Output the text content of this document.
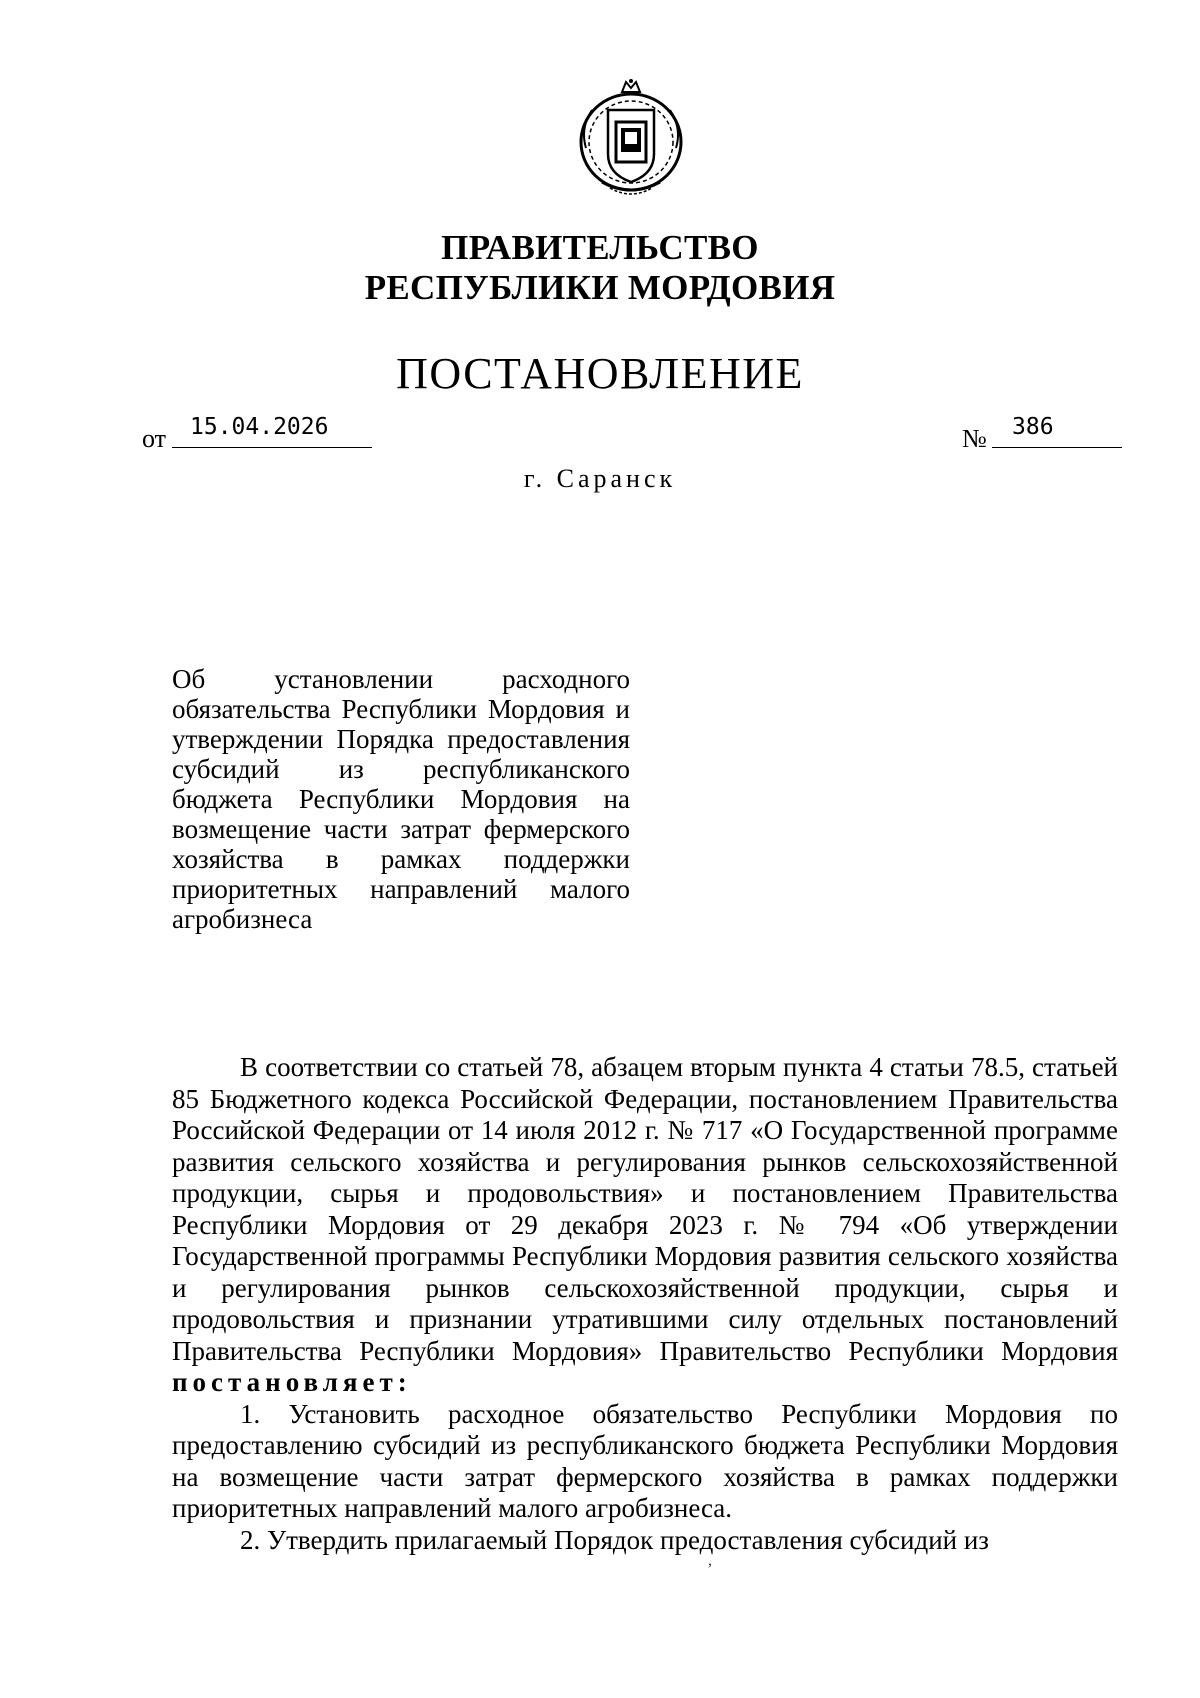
ПРАВИТЕЛЬСТВО
РЕСПУБЛИКИ МОРДОВИЯ
ПОСТАНОВЛЕНИЕ
от	15.04.2026	№	386
г. Саранск
Об установлении расходного обязательства Республики Мордовия и утверждении Порядка предоставления субсидий из республиканского бюджета Республики Мордовия на возмещение части затрат фермерского хозяйства в рамках поддержки приоритетных направлений малого агробизнеса

В соответствии со статьей 78, абзацем вторым пункта 4 статьи 78.5, статьей 85 Бюджетного кодекса Российской Федерации, постановлением Правительства Российской Федерации от 14 июля 2012 г. № 717 «О Государственной программе развития сельского хозяйства и регулирования рынков сельскохозяйственной продукции, сырья и продовольствия» и постановлением Правительства Республики Мордовия от 29 декабря 2023 г. № 794 «Об утверждении Государственной программы Республики Мордовия развития сельского хозяйства и регулирования рынков сельскохозяйственной продукции, сырья и продовольствия и признании утратившими силу отдельных постановлений Правительства Республики Мордовия» Правительство Республики Мордовия постановляет:

1. Установить расходное обязательство Республики Мордовия по предоставлению субсидий из республиканского бюджета Республики Мордовия на возмещение части затрат фермерского хозяйства в рамках поддержки приоритетных направлений малого агробизнеса.

2. Утвердить прилагаемый Порядок предоставления субсидий из

,
